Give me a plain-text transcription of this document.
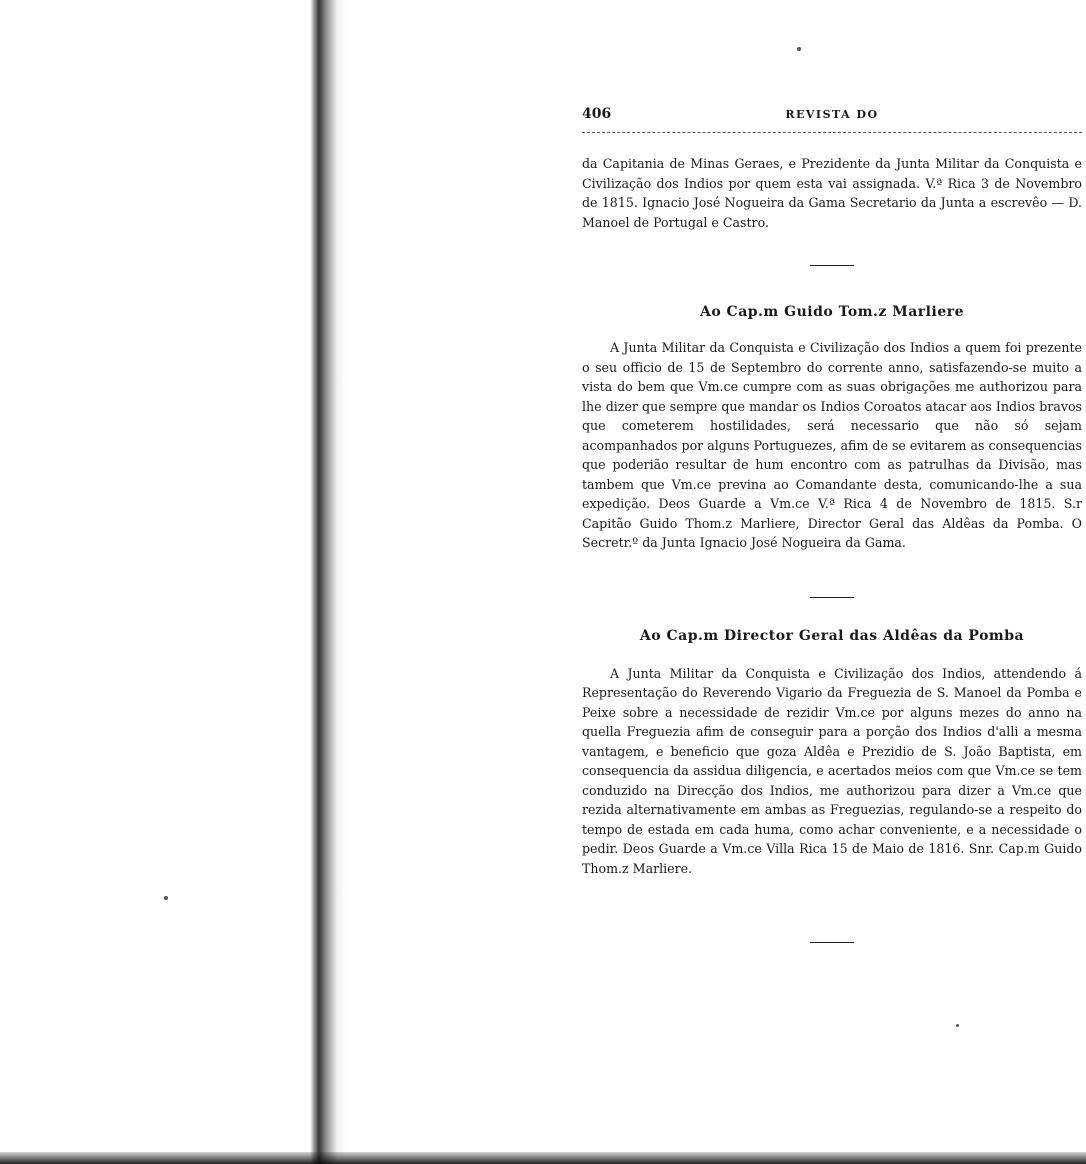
406	REVISTA DO

da Capitania de Minas Geraes, e Prezidente da Junta Militar da Conquista e Civilização dos Indios por quem esta vai assignada. V.ª Rica 3 de Novembro de 1815. Ignacio José Nogueira da Gama Secretario da Junta a escrevêo — D. Manoel de Portugal e Castro.

Ao Cap.m Guido Tom.z Marliere

A Junta Militar da Conquista e Civilização dos Indios a quem foi prezente o seu officio de 15 de Septembro do corrente anno, satisfazendo-se muito a vista do bem que Vm.ce cumpre com as suas obrigações me authorizou para lhe dizer que sempre que mandar os Indios Coroatos atacar aos Indios bravos que cometerem hostilidades, será necessario que não só sejam acompanhados por alguns Portuguezes, afim de se evitarem as consequencias que poderião resultar de hum encontro com as patrulhas da Divisão, mas tambem que Vm.ce previna ao Comandante desta, comunicando-lhe a sua expedição. Deos Guarde a Vm.ce V.ª Rica 4 de Novembro de 1815. S.r Capitão Guido Thom.z Marliere, Director Geral das Aldêas da Pomba. O Secretr.º da Junta Ignacio José Nogueira da Gama.

Ao Cap.m Director Geral das Aldêas da Pomba

A Junta Militar da Conquista e Civilização dos Indios, attendendo á Representação do Reverendo Vigario da Freguezia de S. Manoel da Pomba e Peixe sobre a necessidade de rezidir Vm.ce por alguns mezes do anno na quella Freguezia afim de conseguir para a porção dos Indios d'alli a mesma vantagem, e beneficio que goza Aldêa e Prezidio de S. João Baptista, em consequencia da assidua diligencia, e acertados meios com que Vm.ce se tem conduzido na Direcção dos Indios, me authorizou para dizer a Vm.ce que rezida alternativamente em ambas as Freguezias, regulando-se a respeito do tempo de estada em cada huma, como achar conveniente, e a necessidade o pedir. Deos Guarde a Vm.ce Villa Rica 15 de Maio de 1816. Snr. Cap.m Guido Thom.z Marliere.
